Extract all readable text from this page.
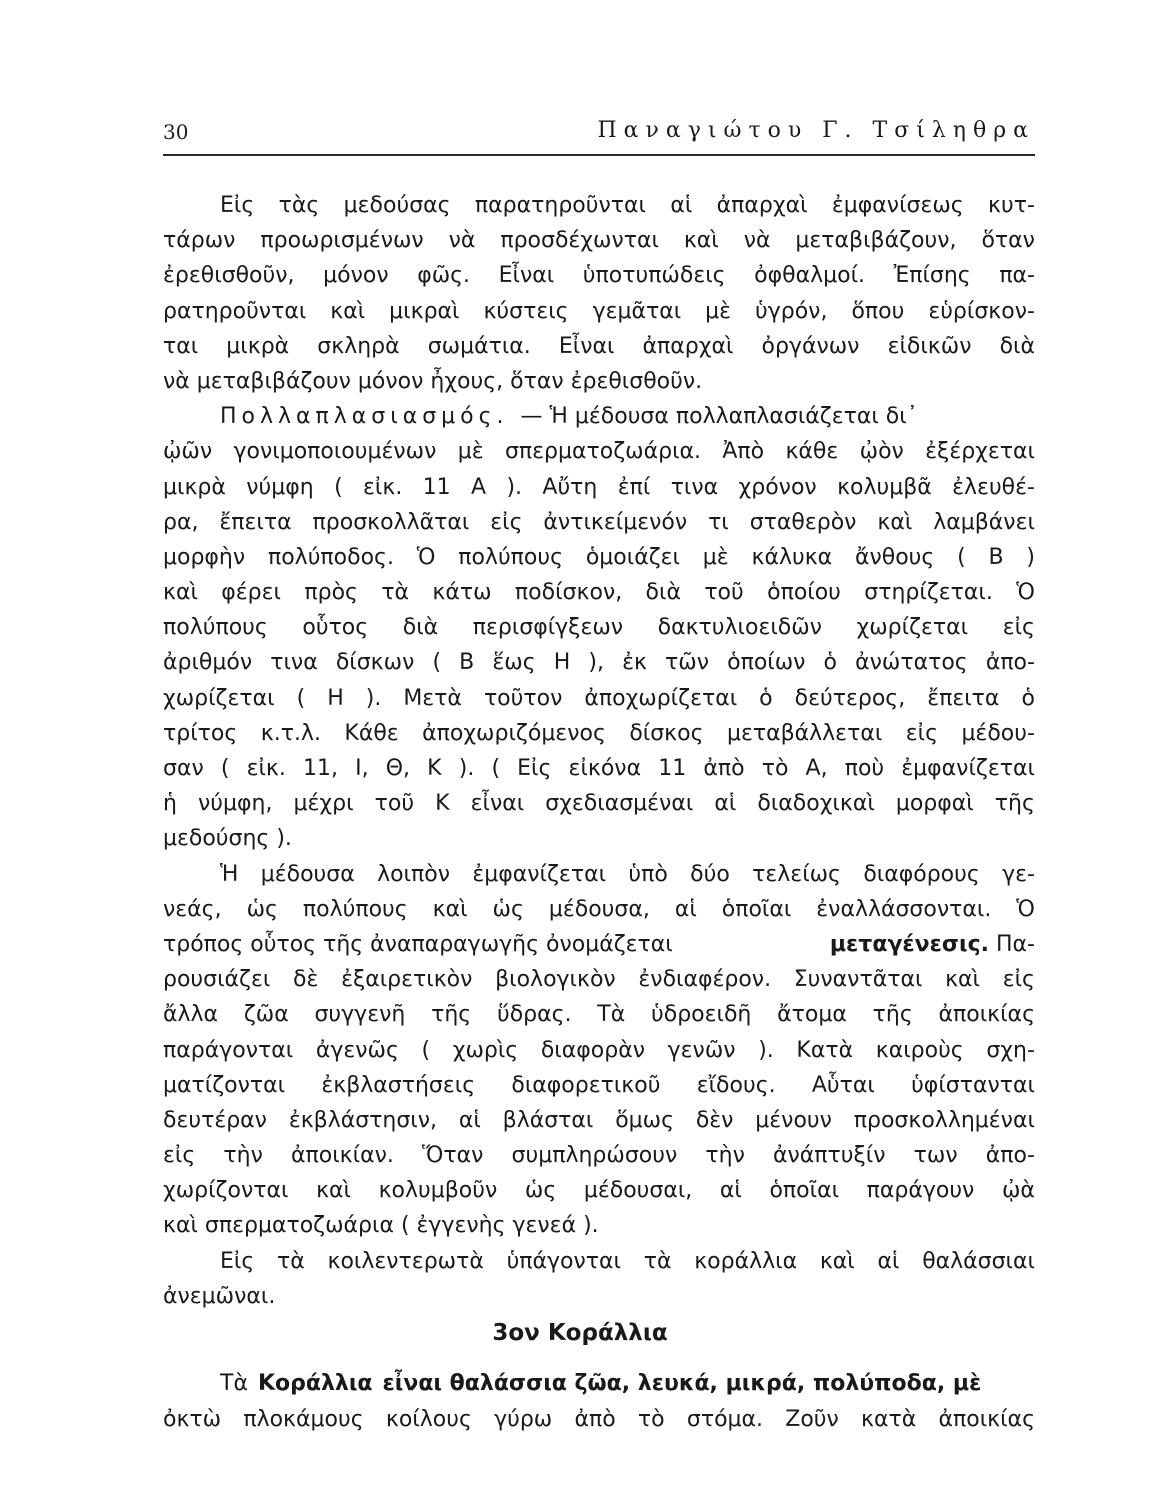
30	Παναγιώτου Γ. Τσίληθρα
Εἰς τὰς μεδούσας παρατηροῦνται αἱ ἀπαρχαὶ ἐμφανίσεως κυτ-
τάρων προωρισμένων νὰ προσδέχωνται καὶ νὰ μεταβιβάζουν, ὅταν
ἐρεθισθοῦν, μόνον φῶς. Εἶναι ὑποτυπώδεις ὀφθαλμοί. Ἐπίσης πα-
ρατηροῦνται καὶ μικραὶ κύστεις γεμᾶται μὲ ὑγρόν, ὅπου εὑρίσκον-
ται μικρὰ σκληρὰ σωμάτια. Εἶναι ἀπαρχαὶ ὀργάνων εἰδικῶν διὰ
νὰ μεταβιβάζουν μόνον ἦχους, ὅταν ἐρεθισθοῦν.
Πολλαπλασιασμός. — Ἡ μέδουσα πολλαπλασιάζεται δι᾽
ᾠῶν γονιμοποιουμένων μὲ σπερματοζωάρια. Ἀπὸ κάθε ᾠὸν ἐξέρχεται
μικρὰ νύμφη ( εἰκ. 11 Α ). Αὔτη ἐπί τινα χρόνον κολυμβᾶ ἐλευθέ-
ρα, ἔπειτα προσκολλᾶται εἰς ἀντικείμενόν τι σταθερὸν καὶ λαμβάνει
μορφὴν πολύποδος. Ὁ πολύπους ὁμοιάζει μὲ κάλυκα ἄνθους ( Β )
καὶ φέρει πρὸς τὰ κάτω ποδίσκον, διὰ τοῦ ὁποίου στηρίζεται. Ὁ
πολύπους οὗτος διὰ περισφίγξεων δακτυλιοειδῶν χωρίζεται εἰς
ἀριθμόν τινα δίσκων ( Β ἕως Η ), ἐκ τῶν ὁποίων ὁ ἀνώτατος ἀπο-
χωρίζεται ( Η ). Μετὰ τοῦτον ἀποχωρίζεται ὁ δεύτερος, ἔπειτα ὁ
τρίτος κ.τ.λ. Κάθε ἀποχωριζόμενος δίσκος μεταβάλλεται εἰς μέδου-
σαν ( εἰκ. 11, Ι, Θ, Κ ). ( Εἰς εἰκόνα 11 ἀπὸ τὸ Α, ποὺ ἐμφανίζεται
ἡ νύμφη, μέχρι τοῦ Κ εἶναι σχεδιασμέναι αἱ διαδοχικαὶ μορφαὶ τῆς
μεδούσης ).
Ἡ μέδουσα λοιπὸν ἐμφανίζεται ὑπὸ δύο τελείως διαφόρους γε-
νεάς, ὡς πολύπους καὶ ὡς μέδουσα, αἱ ὁποῖαι ἐναλλάσσονται. Ὁ
τρόπος οὗτος τῆς ἀναπαραγωγῆς ὀνομάζεται	μεταγένεσις. Πα-
ρουσιάζει δὲ ἐξαιρετικὸν βιολογικὸν ἐνδιαφέρον. Συναντᾶται καὶ εἰς
ἄλλα ζῶα συγγενῆ τῆς ὕδρας. Τὰ ὑδροειδῆ ἄτομα τῆς ἀποικίας
παράγονται ἀγενῶς ( χωρὶς διαφορὰν γενῶν ). Κατὰ καιροὺς σχη-
ματίζονται ἐκβλαστήσεις διαφορετικοῦ εἴδους. Αὗται ὑφίστανται
δευτέραν ἐκβλάστησιν, αἱ βλάσται ὅμως δὲν μένουν προσκολλημέναι
εἰς τὴν ἀποικίαν. Ὅταν συμπληρώσουν τὴν ἀνάπτυξίν των ἀπο-
χωρίζονται καὶ κολυμβοῦν ὡς μέδουσαι, αἱ ὁποῖαι παράγουν ᾠὰ
καὶ σπερματοζωάρια ( ἐγγενὴς γενεά ).
Εἰς τὰ κοιλεντερωτὰ ὑπάγονται τὰ κοράλλια καὶ αἱ θαλάσσιαι
ἀνεμῶναι.
3ον Κοράλλια
Τὰ Κοράλλια εἶναι θαλάσσια ζῶα, λευκά, μικρά, πολύποδα, μὲ
ὀκτὼ πλοκάμους κοίλους γύρω ἀπὸ τὸ στόμα. Ζοῦν κατὰ ἀποικίας
